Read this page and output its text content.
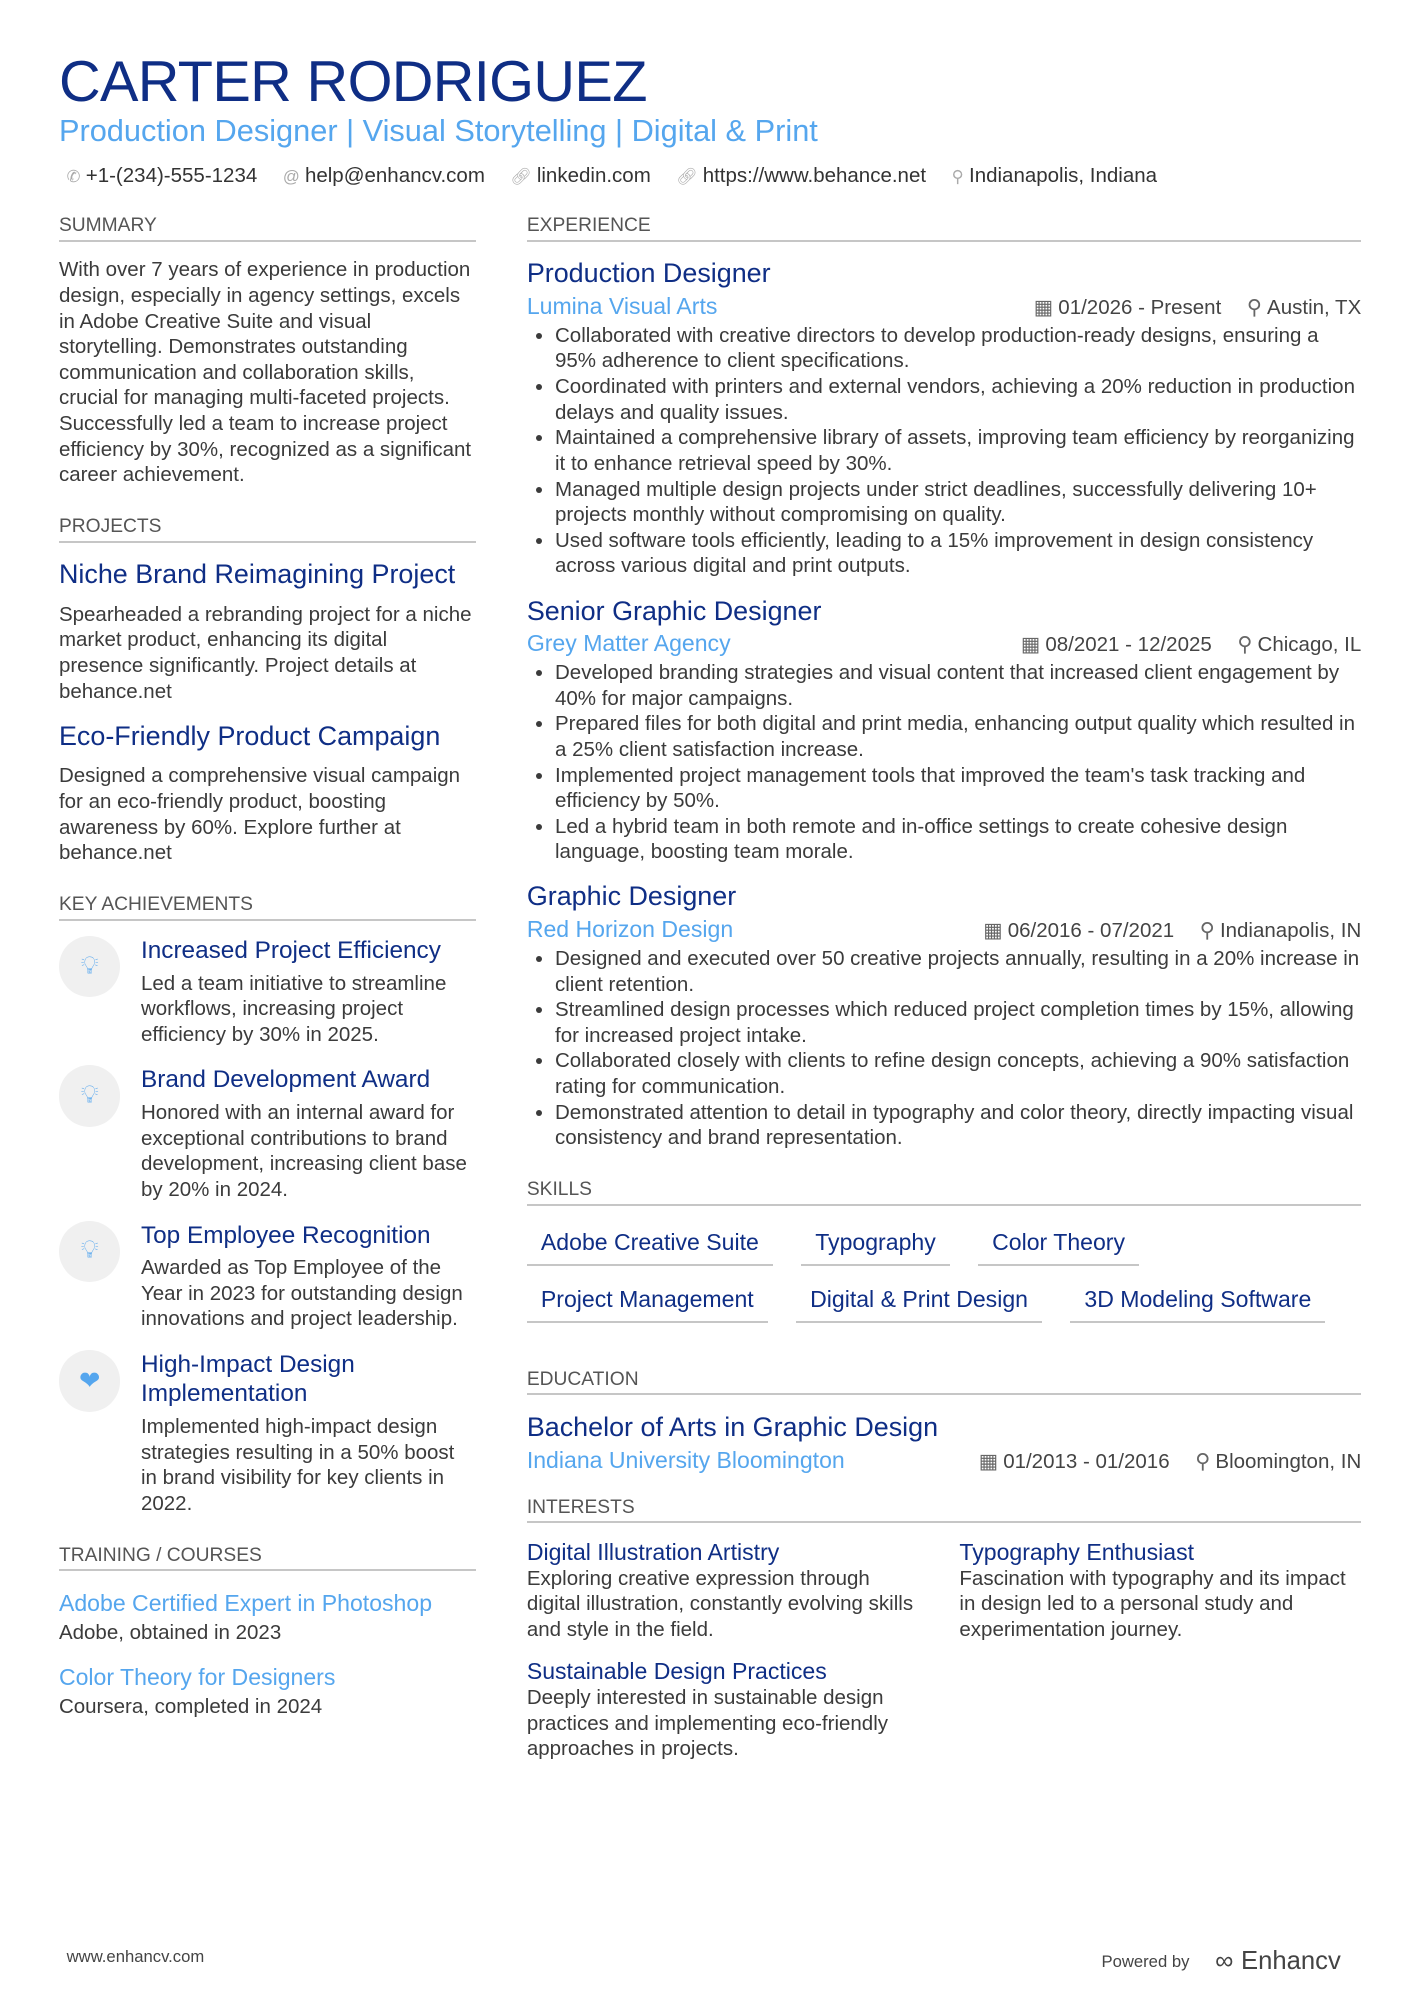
CARTER RODRIGUEZ
Production Designer | Visual Storytelling | Digital & Print
✆ +1-(234)-555-1234 @ help@enhancv.com 🔗︎ linkedin.com 🔗︎ https://www.behance.net ⚲ Indianapolis, Indiana
SUMMARY
With over 7 years of experience in production design, especially in agency settings, excels in Adobe Creative Suite and visual storytelling. Demonstrates outstanding communication and collaboration skills, crucial for managing multi-faceted projects. Successfully led a team to increase project efficiency by 30%, recognized as a significant career achievement.
PROJECTS
Niche Brand Reimagining Project
Spearheaded a rebranding project for a niche market product, enhancing its digital presence significantly. Project details at behance.net
Eco-Friendly Product Campaign
Designed a comprehensive visual campaign for an eco-friendly product, boosting awareness by 60%. Explore further at behance.net
KEY ACHIEVEMENTS
💡︎
Increased Project Efficiency
Led a team initiative to streamline workflows, increasing project efficiency by 30% in 2025.
💡︎
Brand Development Award
Honored with an internal award for exceptional contributions to brand development, increasing client base by 20% in 2024.
💡︎
Top Employee Recognition
Awarded as Top Employee of the Year in 2023 for outstanding design innovations and project leadership.
❤
High-Impact Design Implementation
Implemented high-impact design strategies resulting in a 50% boost in brand visibility for key clients in 2022.
TRAINING / COURSES
Adobe Certified Expert in Photoshop
Adobe, obtained in 2023
Color Theory for Designers
Coursera, completed in 2024
EXPERIENCE
Production Designer
Lumina Visual Arts	▦ 01/2026 - Present ⚲ Austin, TX
• Collaborated with creative directors to develop production-ready designs, ensuring a 95% adherence to client specifications.
• Coordinated with printers and external vendors, achieving a 20% reduction in production delays and quality issues.
• Maintained a comprehensive library of assets, improving team efficiency by reorganizing it to enhance retrieval speed by 30%.
• Managed multiple design projects under strict deadlines, successfully delivering 10+ projects monthly without compromising on quality.
• Used software tools efficiently, leading to a 15% improvement in design consistency across various digital and print outputs.
Senior Graphic Designer
Grey Matter Agency	▦ 08/2021 - 12/2025 ⚲ Chicago, IL
• Developed branding strategies and visual content that increased client engagement by 40% for major campaigns.
• Prepared files for both digital and print media, enhancing output quality which resulted in a 25% client satisfaction increase.
• Implemented project management tools that improved the team's task tracking and efficiency by 50%.
• Led a hybrid team in both remote and in-office settings to create cohesive design language, boosting team morale.
Graphic Designer
Red Horizon Design	▦ 06/2016 - 07/2021 ⚲ Indianapolis, IN
• Designed and executed over 50 creative projects annually, resulting in a 20% increase in client retention.
• Streamlined design processes which reduced project completion times by 15%, allowing for increased project intake.
• Collaborated closely with clients to refine design concepts, achieving a 90% satisfaction rating for communication.
• Demonstrated attention to detail in typography and color theory, directly impacting visual consistency and brand representation.
SKILLS
Adobe Creative Suite	Typography	Color Theory
Project Management	Digital & Print Design	3D Modeling Software
EDUCATION
Bachelor of Arts in Graphic Design
Indiana University Bloomington	▦ 01/2013 - 01/2016 ⚲ Bloomington, IN
INTERESTS
Digital Illustration Artistry
Exploring creative expression through digital illustration, constantly evolving skills and style in the field.
Typography Enthusiast
Fascination with typography and its impact in design led to a personal study and experimentation journey.
Sustainable Design Practices
Deeply interested in sustainable design practices and implementing eco-friendly approaches in projects.
www.enhancv.com	Powered by ∞ Enhancv
